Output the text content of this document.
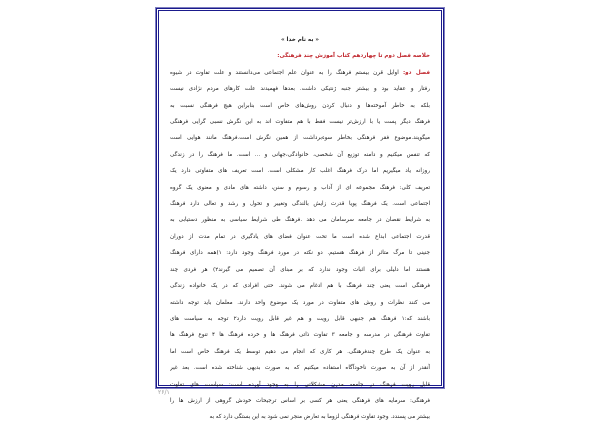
« به نام خدا »
خلاصه فصل دوم تا چهاردهم کتاب آموزش چند فرهنگی:
فصل دو: اوایل قرن بیستم فرهنگ را به عنوان علم اجتماعی می‌دانستند و علت تفاوت در شیوه
رفتار و عقاید بود و بیشتر جنبه ژنتیکی داشت. بعدها فهمیدند علت کارهای مردم نژادی نیست
بلکه به خاطر آموخته‌ها و دنبال کردن روش‌های خاص است بنابراین هیچ فرهنگی نسبت به
فرهنگ دیگر پست یا با ارزش‌تر نیست فقط با هم متفاوت اند به این نگرش نسبی گرایی فرهنگی
میگویند.موضوع فقر فرهنگی بخاطر سوءبرداشت از همین نگرش است.فرهنگ مانند هوایی است
که تنفس میکنیم و دامنه توزیع آن شخصی، خانوادگی،جهانی و ... است. ما فرهنگ را در زندگی
روزانه یاد میگیریم اما درک فرهنگ اغلب کار مشکلی است. است تعریف های متفاوتی دارد یک
تعریف کلی: فرهنگ مجموعه ای از آداب و رسوم و سنن، داشته های مادی و معنوی یک گروه
اجتماعی است. یک فرهنگ پویا قدرت زایش بالندگی وتغییر و تحول و رشد و تعالی دارد فرهنگ
به شرایط نقصان در جامعه سرسامان می دهد .فرهنگ طی شرایط سیاسی به منظور دستیابی به
قدرت اجتماعی ابداع شده است ما تحت عنوان فضای های یادگیری در تمام مدت از دوران
جنینی تا مرگ متاثر از فرهنگ هستیم. دو نکته در مورد فرهنگ وجود دارد: ۱)همه دارای فرهنگ
هستند اما دلیلی برای اثبات وجود ندارد که بر مبنای آن تصمیم می گیرند۲) هر فردی چند
فرهنگی است یعنی چند فرهنگ با هم ادغام می شوند. حتی افرادی که در یک خانواده زندگی
می کنند نظرات و روش های متفاوت در مورد یک موضوع واحد دارند. معلمان باید توجه داشته
باشند که:۱ فرهنگ هم جنبهی قابل رویت و هم غیر قابل رویت دارد۲ توجه به سیاست های
تفاوت فرهنگی در مدرسه و جامعه ۳ تفاوت ذاتی فرهنگ ها و خرده فرهنگ ها ۴ تنوع فرهنگ ها
به عنوان یک طرح چندفرهنگی. هر کاری که انجام می دهیم توسط یک فرهنگ خاص است اما
آنقدر از آن به صورت ناخودآگاه استفاده میکنیم که به صورت بدیهی شناخته شده است. بعد غیر
قابل رویت فرهنگ در جامعه مدرن مشکلاتی را به وجود آورده است: سیاست های تفاوت
فرهنگی: سرمایه های فرهنگی یعنی هر کسی بر اساس ترجیحات خودش گروهی از ارزش ها را
بیشتر می پسندد. وجود تفاوت فرهنگی لزوما به تعارض منجر نمی شود به این بستگی دارد که به
۲۶/۱
